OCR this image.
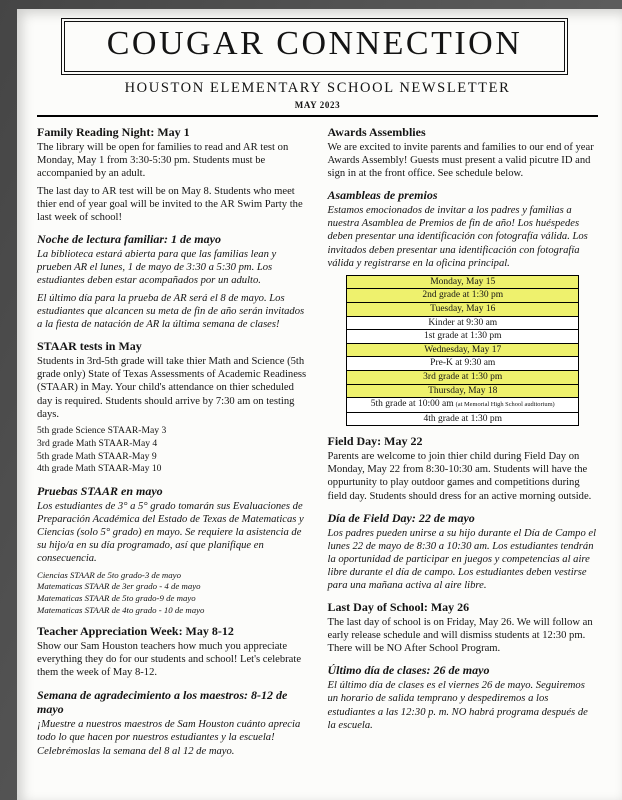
COUGAR CONNECTION
HOUSTON ELEMENTARY SCHOOL NEWSLETTER
MAY 2023
Family Reading Night: May 1

The library will be open for families to read and AR test on Monday, May 1 from 3:30-5:30 pm. Students must be accompanied by an adult.

The last day to AR test will be on May 8. Students who meet thier end of year goal will be invited to the AR Swim Party the last week of school!

Noche de lectura familiar: 1 de mayo

La biblioteca estará abierta para que las familias lean y prueben AR el lunes, 1 de mayo de 3:30 a 5:30 pm. Los estudiantes deben estar acompañados por un adulto.

El último día para la prueba de AR será el 8 de mayo. Los estudiantes que alcancen su meta de fin de año serán invitados a la fiesta de natación de AR la última semana de clases!

STAAR tests in May

Students in 3rd-5th grade will take thier Math and Science (5th grade only) State of Texas Assessments of Academic Readiness (STAAR) in May. Your child's attendance on thier scheduled day is required. Students should arrive by 7:30 am on testing days.

5th grade Science STAAR-May 3
3rd grade Math STAAR-May 4
5th grade Math STAAR-May 9
4th grade Math STAAR-May 10
Pruebas STAAR en mayo

Los estudiantes de 3° a 5° grado tomarán sus Evaluaciones de Preparación Académica del Estado de Texas de Matematicas y Ciencias (solo 5° grado) en mayo. Se requiere la asistencia de su hijo/a en su día programado, así que planifique en consecuencia.

Ciencias STAAR de 5to grado-3 de mayo
Matematicas STAAR de 3er grado - 4 de mayo
Matematicas STAAR de 5to grado-9 de mayo
Matematicas STAAR de 4to grado - 10 de mayo
Teacher Appreciation Week: May 8-12

Show our Sam Houston teachers how much you appreciate everything they do for our students and school! Let's celebrate them the week of May 8-12.

Semana de agradecimiento a los maestros: 8-12 de mayo

¡Muestre a nuestros maestros de Sam Houston cuánto aprecia todo lo que hacen por nuestros estudiantes y la escuela! Celebrémoslas la semana del 8 al 12 de mayo.

Awards Assemblies

We are excited to invite parents and families to our end of year Awards Assembly! Guests must present a valid picutre ID and sign in at the front office. See schedule below.

Asambleas de premios

Estamos emocionados de invitar a los padres y familias a nuestra Asamblea de Premios de fin de año! Los huéspedes deben presentar una identificación con fotografía válida. Los invitados deben presentar una identificación con fotografía válida y registrarse en la oficina principal.

Monday, May 15
2nd grade at 1:30 pm
Tuesday, May 16
Kinder at 9:30 am
1st grade at 1:30 pm
Wednesday, May 17
Pre-K at 9:30 am
3rd grade at 1:30 pm
Thursday, May 18
5th grade at 10:00 am (at Memorial High School auditorium)
4th grade at 1:30 pm
Field Day: May 22

Parents are welcome to join thier child during Field Day on Monday, May 22 from 8:30-10:30 am. Students will have the oppurtunity to play outdoor games and competitions during field day. Students should dress for an active morning outside.

Día de Field Day: 22 de mayo

Los padres pueden unirse a su hijo durante el Día de Campo el lunes 22 de mayo de 8:30 a 10:30 am. Los estudiantes tendrán la oportunidad de participar en juegos y competencias al aire libre durante el día de campo. Los estudiantes deben vestirse para una mañana activa al aire libre.

Last Day of School: May 26

The last day of school is on Friday, May 26. We will follow an early release schedule and will dismiss students at 12:30 pm. There will be NO After School Program.

Último día de clases: 26 de mayo

El último día de clases es el viernes 26 de mayo. Seguiremos un horario de salida temprano y despediremos a los estudiantes a las 12:30 p. m. NO habrá programa después de la escuela.
